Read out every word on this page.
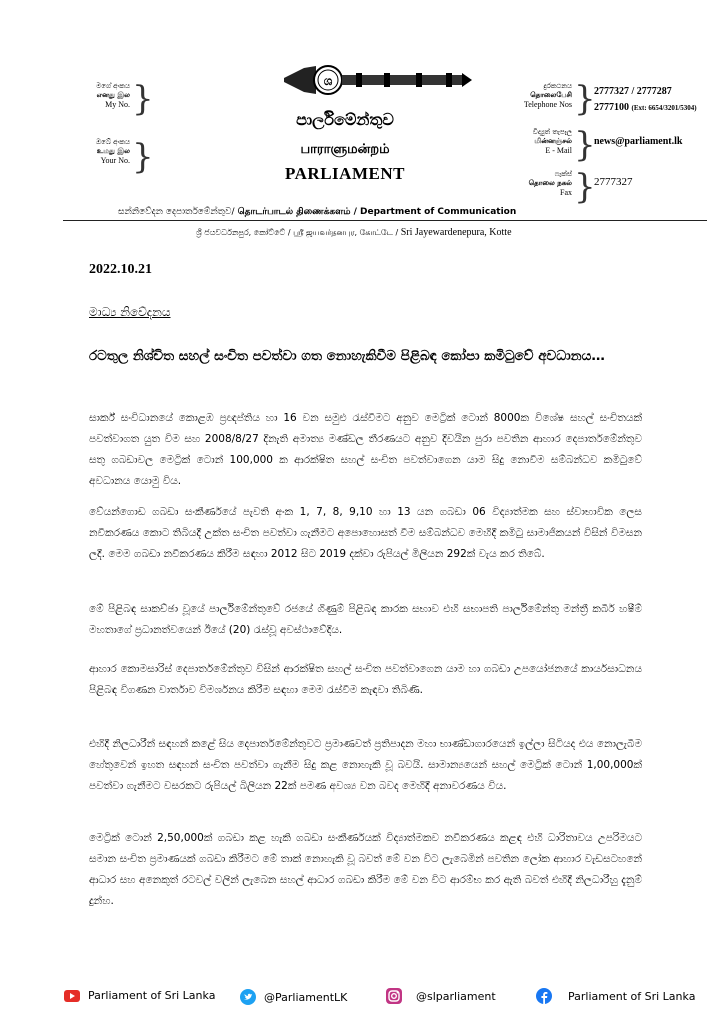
මගේ අංකය
எனது இல
My No. }
ඔබේ අංකය
உமது இல
Your No. }
ශ
පාර්ලිමේන්තුව
பாராளுமன்றம்
PARLIAMENT
දුරකථනය
தொலைபேசி
Telephone Nos }
2777327 / 2777287
2777100 (Ext: 6654/3201/5304)
විද්‍යුත් තැපෑල
மின்னஞ்சல்
E - Mail }
news@parliament.lk
ෆැක්ස්
தொலை நகல்
Fax }
2777327
සන්නිවේදන දෙපාර්තමේන්තුව/ தொடர்பாடல் திணைக்களம் / Department of Communication
ශ්‍රී ජයවර්ධනපුර, කෝට්ටේ / ஸ்ரீ ஜயவர்தனபுர, கோட்டே / Sri Jayewardenepura, Kotte
2022.10.21
මාධ්‍ය නිවේදනය
රටතුල නිශ්චිත සහල් සංචිත පවත්වා ගත නොහැකිවීම පිළිබඳ කෝපා කමිටුවේ අවධානය…
සාර්ක් සංවිධානයේ කොළඹ ප්‍රඥප්තිය හා 16 වන සමුළු රැස්වීමට අනුව මෙට්‍රික් ටොන් 8000ක විශේෂ සහල් සංචිතයක් පවත්වාගත යුත විම සහ 2008/8/27 දිනැති අමාත්‍ය මණ්ඩල තීරණයට අනුව දිවයින පුරා පවතින ආහාර දෙපාර්තමේන්තුව සතු ගබඩාවල මෙට්‍රික් ටොන් 100,000 ක ආරක්ෂිත සහල් සංචිත පවත්වාගෙන යාම සිදු නොවීම සම්බන්ධව කමිටුවේ අවධානය යොමු විය.
වේයන්ගොඩ ගබඩා සංකීර්ණයේ පැවති අංක 1, 7, 8, 9,10 හා 13 යන ගබඩා 06 විද්‍යාත්මක සහ ස්වාභාවික ලෙස නවීකරණය කොට තිබියදී උක්ත සංචිත පවත්වා ගැනීමට අපොහොසත් වීම සම්බන්ධව මෙහිදී කමිටු සාමාජිකයන් විසින් විමසන ලදී. මෙම ගබඩා නවීකරණය කිරීම සඳහා 2012 සිට 2019 දක්වා රුපියල් මිලියන 292ක් වැය කර තිබේ.
මේ පිළිබඳ සාකච්ඡා වූයේ පාර්ලිමේන්තුවේ රජයේ ගිණුම් පිළිබඳ කාරක සභාව එහි සභාපති පාර්ලිමේන්තු මන්ත්‍රී කබීර් හෂීම් මහතාගේ ප්‍රධානත්වයෙන් ඊයේ (20) රැස්වූ අවස්ථාවේදිය.
ආහාර කොමසාරිස් දෙපාර්තමේන්තුව විසින් ආරක්ෂිත සහල් සංචිත පවත්වාගෙන යාම හා ගබඩා උපයෝජනයේ කාර්යසාධනය පිළිබඳ විගණන වාර්තාව විමර්ශනය කිරීම සඳහා මෙම රැස්වීම කැඳවා තිබිණි.
එහිදී නිලධාරීන් සඳහන් කළේ සිය දෙපාර්තමේන්තුවට ප්‍රමාණවත් ප්‍රතිපාදන මහා භාණ්ඩාගාරයෙන් ඉල්ලා සිටියද එය නොලැබීම හේතුවෙන් ඉහත සඳහන් සංචිත පවත්වා ගැනීම සිදු කළ නොහැකි වූ බවයි. සාමාන්‍යයෙන් සහල් මෙට්‍රික් ටොන් 1,00,000ක් පවත්වා ගැනීමට වසරකට රුපියල් බිලියන 22ක් පමණ අවශ්‍ය වන බවද මෙහිදී අනාවරණය විය.
මෙට්‍රික් ටොන් 2,50,000ක් ගබඩා කළ හැකි ගබඩා සංකීර්ණයක් විද්‍යාත්මකව නවීකරණය කළඳ එහි ධාරිතාවය උපරිමයට සමාන සංචිත ප්‍රමාණයක් ගබඩා කිරීමට මේ තාක් නොහැකි වූ බවත් මේ වන විට ලැබෙමින් පවතින ලෝක ආහාර වැඩසටහනේ ආධාර සහ අනෙකුත් රටවල් වලින් ලැබෙන සහල් ආධාර ගබඩා කිරීම මේ වන විට ආරම්භ කර ඇති බවත් එහිදී නිලධාරීහු දැනුම් දුන්හ.
Parliament of Sri Lanka	@ParliamentLK	@slparliament	Parliament of Sri Lanka
